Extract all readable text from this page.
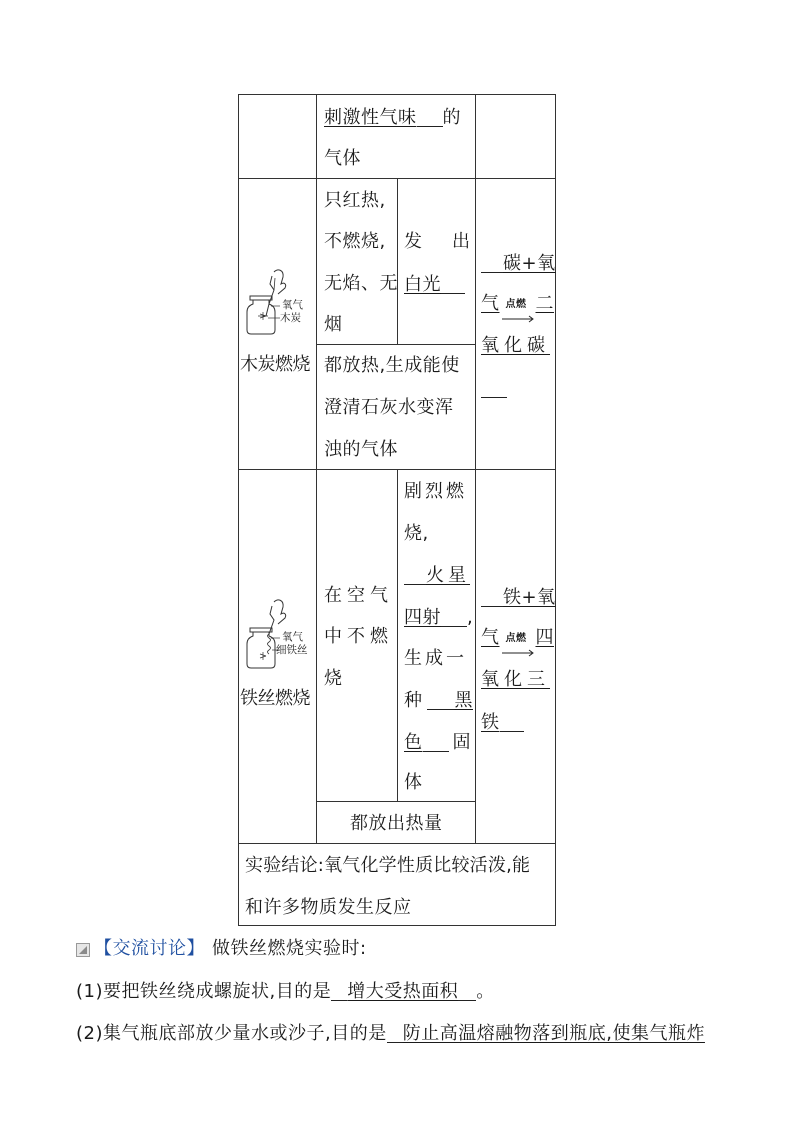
刺激性气味 的
气体
氧气
木炭
木炭燃烧
只红热,
不燃烧,
无焰、无
烟
发　出
白光
都放热,生成能使
澄清石灰水变浑
浊的气体
碳+氧
气 点燃 二
氧化碳
氧气
细铁丝
铁丝燃烧
在空气
中不燃
烧
剧烈燃
烧,
火星
四射 ,
生成一
种 黑
色 固
体
都放出热量
铁+氧
气 点燃 四
氧化三
铁
实验结论:氧气化学性质比较活泼,能
和许多物质发生反应
【交流讨论】 做铁丝燃烧实验时:
(1)要把铁丝绕成螺旋状,目的是 增大受热面积 。
(2)集气瓶底部放少量水或沙子,目的是 防止高温熔融物落到瓶底,使集气瓶炸
